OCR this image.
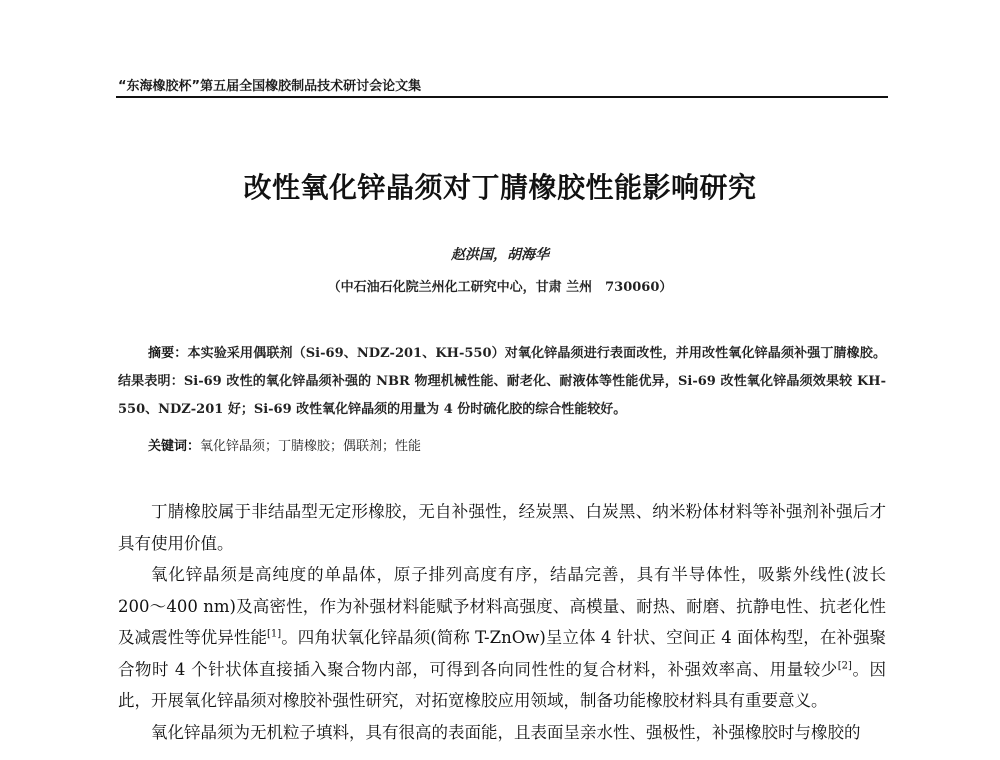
“东海橡胶杯”第五届全国橡胶制品技术研讨会论文集
改性氧化锌晶须对丁腈橡胶性能影响研究
赵洪国，胡海华
（中石油石化院兰州化工研究中心，甘肃 兰州　730060）
摘要：本实验采用偶联剂（Si-69、NDZ-201、KH-550）对氧化锌晶须进行表面改性，并用改性氧化锌晶须补强丁腈橡胶。结果表明：Si-69 改性的氧化锌晶须补强的 NBR 物理机械性能、耐老化、耐液体等性能优异，Si-69 改性氧化锌晶须效果较 KH-550、NDZ-201 好；Si-69 改性氧化锌晶须的用量为 4 份时硫化胶的综合性能较好。
关键词：氧化锌晶须；丁腈橡胶；偶联剂；性能

丁腈橡胶属于非结晶型无定形橡胶，无自补强性，经炭黑、白炭黑、纳米粉体材料等补强剂补强后才具有使用价值。

氧化锌晶须是高纯度的单晶体，原子排列高度有序，结晶完善，具有半导体性，吸紫外线性(波长 200～400 nm)及高密性，作为补强材料能赋予材料高强度、高模量、耐热、耐磨、抗静电性、抗老化性及减震性等优异性能[1]。四角状氧化锌晶须(简称 T-ZnOw)呈立体 4 针状、空间正 4 面体构型，在补强聚合物时 4 个针状体直接插入聚合物内部，可得到各向同性性的复合材料，补强效率高、用量较少[2]。因此，开展氧化锌晶须对橡胶补强性研究，对拓宽橡胶应用领域，制备功能橡胶材料具有重要意义。

氧化锌晶须为无机粒子填料，具有很高的表面能，且表面呈亲水性、强极性，补强橡胶时与橡胶的
